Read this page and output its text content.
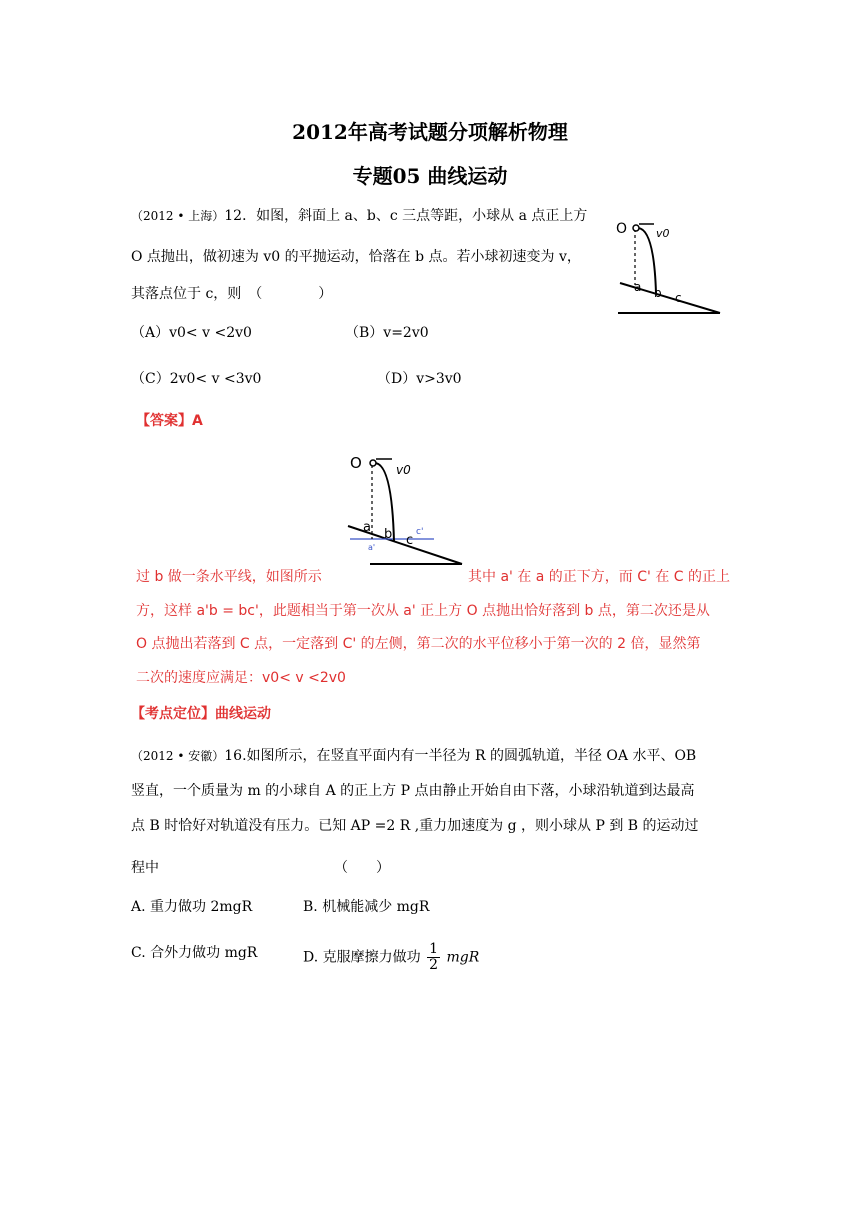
2012年高考试题分项解析物理
专题05 曲线运动
（2012 • 上海）12．如图，斜面上 a、b、c 三点等距，小球从 a 点正上方
O 点抛出，做初速为 v0 的平抛运动，恰落在 b 点。若小球初速变为 v，
其落点位于 c，则　（　　　　）
（A）v0< v <2v0	（B）v=2v0
（C）2v0< v <3v0	（D）v>3v0
O	v0
a b c
【答案】A
O	v0
a b c
c'
a'
过 b 做一条水平线，如图所示	其中 a' 在 a 的正下方，而 C' 在 C 的正上
方，这样 a'b = bc'，此题相当于第一次从 a' 正上方 O 点抛出恰好落到 b 点，第二次还是从
O 点抛出若落到 C 点，一定落到 C' 的左侧，第二次的水平位移小于第一次的 2 倍，显然第
二次的速度应满足：v0< v <2v0
【考点定位】曲线运动
（2012 • 安徽）16.如图所示，在竖直平面内有一半径为 R 的圆弧轨道，半径 OA 水平、OB
竖直，一个质量为 m 的小球自 A 的正上方 P 点由静止开始自由下落，小球沿轨道到达最高
点 B 时恰好对轨道没有压力。已知 AP =2 R ,重力加速度为 g ，则小球从 P 到 B 的运动过
程中　　　　　　　　　　　　　（　　）
A. 重力做功 2mgR	B. 机械能减少 mgR
C. 合外力做功 mgR	D. 克服摩擦力做功 $\frac{1}{2}$ mgR
